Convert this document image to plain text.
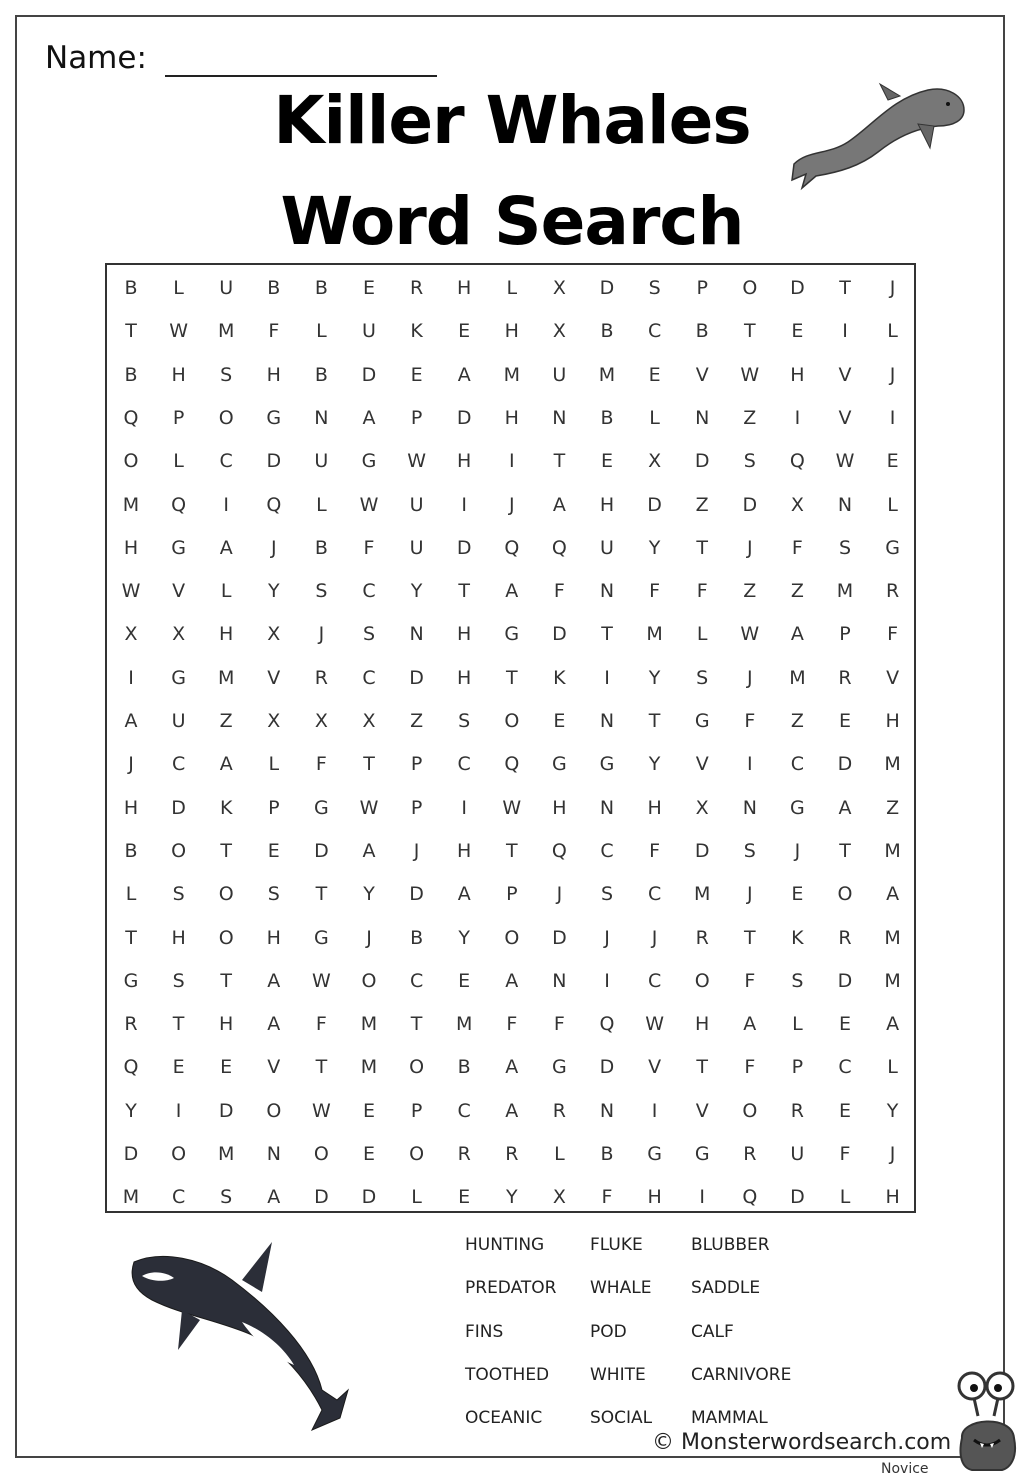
Name:
Killer Whales
Word Search
B	L	U	B	B	E	R	H	L	X	D	S	P	O	D	T	J
T	W	M	F	L	U	K	E	H	X	B	C	B	T	E	I	L
B	H	S	H	B	D	E	A	M	U	M	E	V	W	H	V	J
Q	P	O	G	N	A	P	D	H	N	B	L	N	Z	I	V	I
O	L	C	D	U	G	W	H	I	T	E	X	D	S	Q	W	E
M	Q	I	Q	L	W	U	I	J	A	H	D	Z	D	X	N	L
H	G	A	J	B	F	U	D	Q	Q	U	Y	T	J	F	S	G
W	V	L	Y	S	C	Y	T	A	F	N	F	F	Z	Z	M	R
X	X	H	X	J	S	N	H	G	D	T	M	L	W	A	P	F
I	G	M	V	R	C	D	H	T	K	I	Y	S	J	M	R	V
A	U	Z	X	X	X	Z	S	O	E	N	T	G	F	Z	E	H
J	C	A	L	F	T	P	C	Q	G	G	Y	V	I	C	D	M
H	D	K	P	G	W	P	I	W	H	N	H	X	N	G	A	Z
B	O	T	E	D	A	J	H	T	Q	C	F	D	S	J	T	M
L	S	O	S	T	Y	D	A	P	J	S	C	M	J	E	O	A
T	H	O	H	G	J	B	Y	O	D	J	J	R	T	K	R	M
G	S	T	A	W	O	C	E	A	N	I	C	O	F	S	D	M
R	T	H	A	F	M	T	M	F	F	Q	W	H	A	L	E	A
Q	E	E	V	T	M	O	B	A	G	D	V	T	F	P	C	L
Y	I	D	O	W	E	P	C	A	R	N	I	V	O	R	E	Y
D	O	M	N	O	E	O	R	R	L	B	G	G	R	U	F	J
M	C	S	A	D	D	L	E	Y	X	F	H	I	Q	D	L	H
HUNTING	FLUKE	BLUBBER
PREDATOR WHALE SADDLE
FINS	POD	CALF
TOOTHED WHITE	CARNIVORE
OCEANIC	SOCIAL MAMMAL
© Monsterwordsearch.com
Novice
